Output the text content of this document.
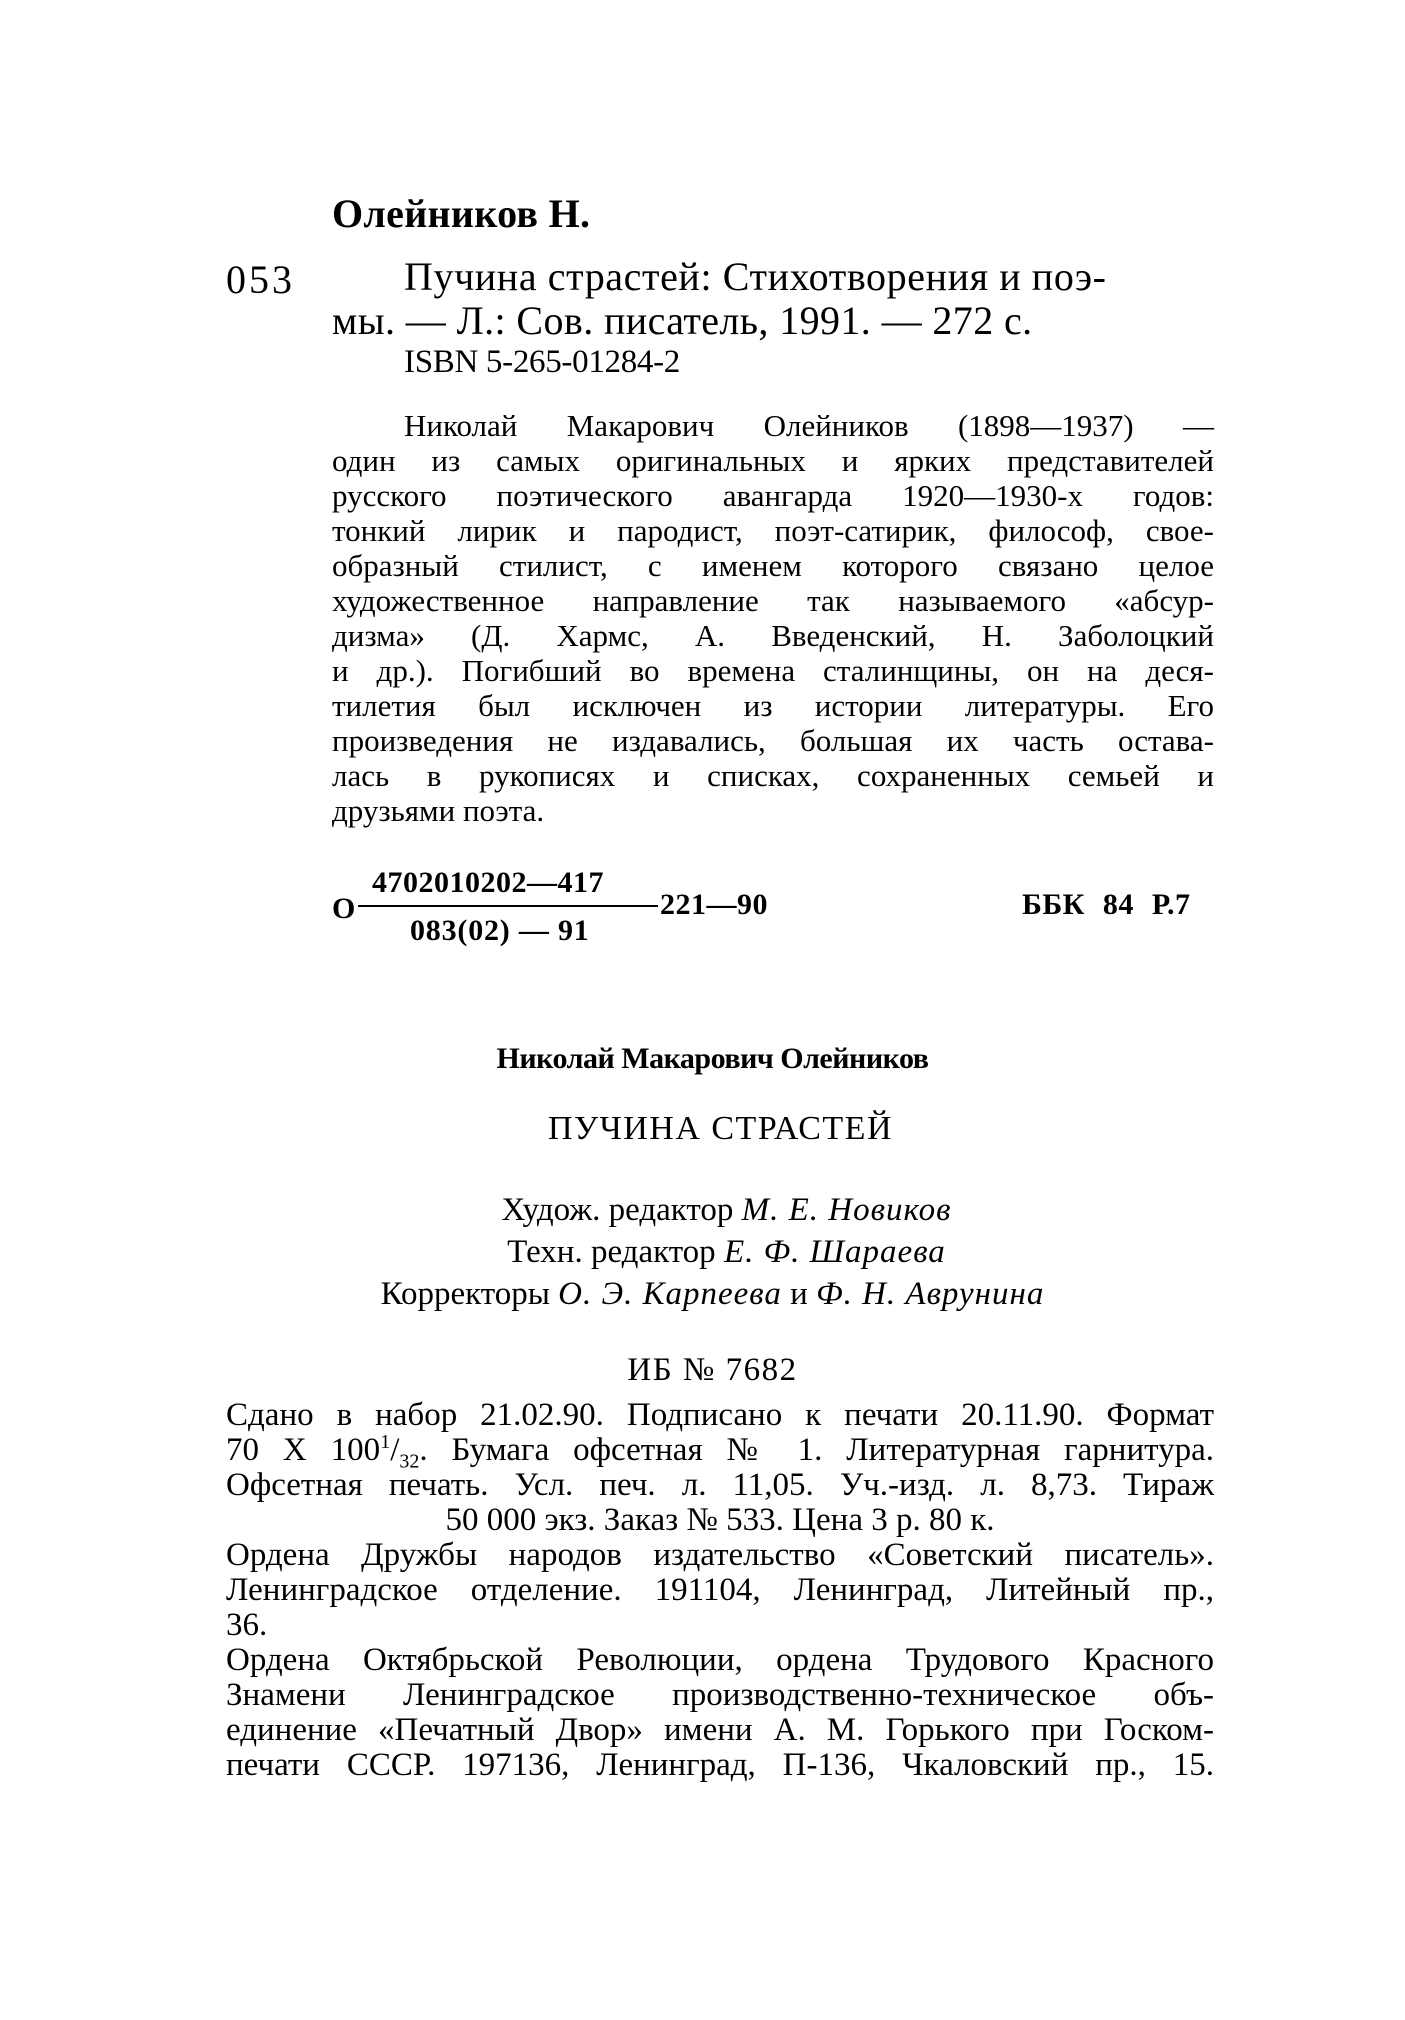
Олейников Н.
053	Пучина страстей: Стихотворения и поэ-
мы. — Л.: Сов. писатель, 1991. — 272 с.
ISBN 5-265-01284-2
Николай Макарович Олейников (1898—1937) —
один из самых оригинальных и ярких представителей
русского поэтического авангарда 1920—1930-х годов:
тонкий лирик и пародист, поэт-сатирик, философ, свое-
образный стилист, с именем которого связано целое
художественное направление так называемого «абсур-
дизма» (Д. Хармс, А. Введенский, Н. Заболоцкий
и др.). Погибший во времена сталинщины, он на деся-
тилетия был исключен из истории литературы. Его
произведения не издавались, большая их часть остава-
лась в рукописях и списках, сохраненных семьей и
друзьями поэта.
О
4702010202—417
083(02) — 91
221—90	ББК 84 Р.7
Николай Макарович Олейников
ПУЧИНА СТРАСТЕЙ
Худож. редактор М. Е. Новиков
Техн. редактор Е. Ф. Шараева
Корректоры О. Э. Карпеева и Ф. Н. Аврунина
ИБ № 7682
Сдано в набор 21.02.90. Подписано к печати 20.11.90. Формат
70 X $100^1/_{32}$. Бумага офсетная № 1. Литературная гарнитура.
Офсетная печать. Усл. печ. л. 11,05. Уч.-изд. л. 8,73. Тираж
50 000 экз. Заказ № 533. Цена 3 р. 80 к.
Ордена Дружбы народов издательство «Советский писатель».
Ленинградское отделение. 191104, Ленинград, Литейный пр.,
36.
Ордена Октябрьской Революции, ордена Трудового Красного
Знамени Ленинградское производственно-техническое объ-
единение «Печатный Двор» имени А. М. Горького при Госком-
печати СССР. 197136, Ленинград, П-136, Чкаловский пр., 15.
